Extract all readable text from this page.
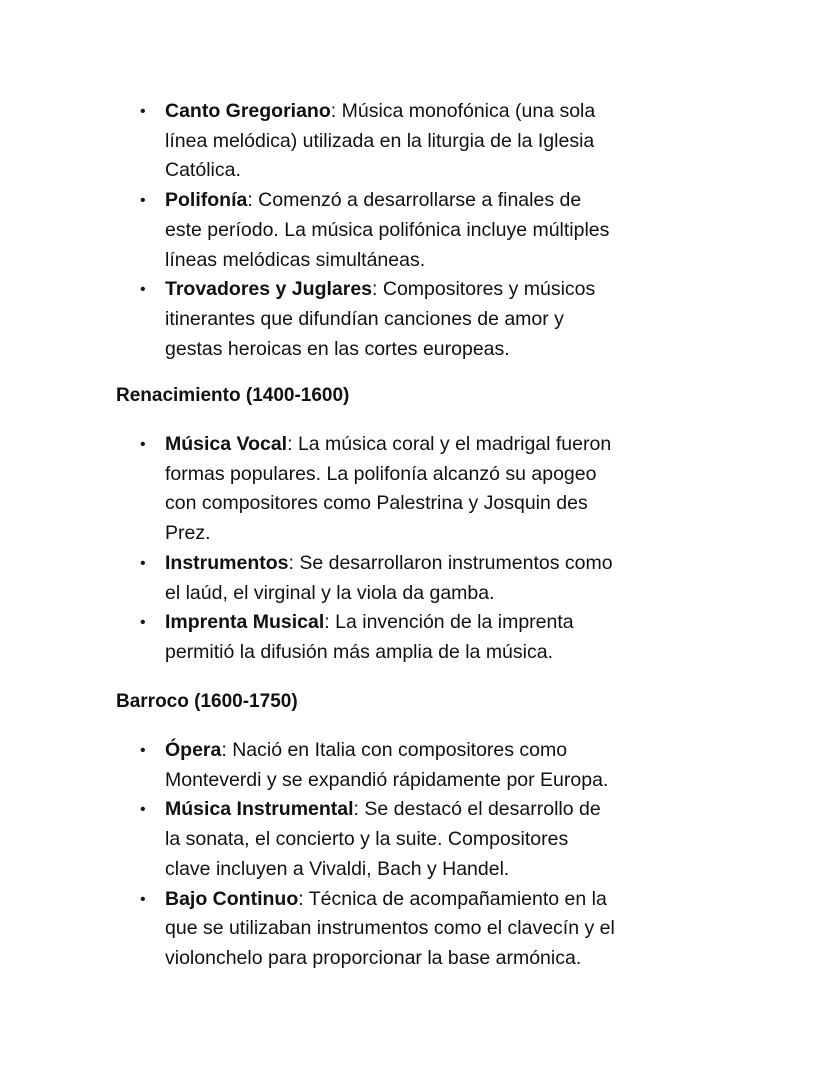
• Canto Gregoriano: Música monofónica (una sola
línea melódica) utilizada en la liturgia de la Iglesia
Católica.
• Polifonía: Comenzó a desarrollarse a finales de
este período. La música polifónica incluye múltiples
líneas melódicas simultáneas.
• Trovadores y Juglares: Compositores y músicos
itinerantes que difundían canciones de amor y
gestas heroicas en las cortes europeas.
Renacimiento (1400-1600)
• Música Vocal: La música coral y el madrigal fueron
formas populares. La polifonía alcanzó su apogeo
con compositores como Palestrina y Josquin des
Prez.
• Instrumentos: Se desarrollaron instrumentos como
el laúd, el virginal y la viola da gamba.
• Imprenta Musical: La invención de la imprenta
permitió la difusión más amplia de la música.
Barroco (1600-1750)
• Ópera: Nació en Italia con compositores como
Monteverdi y se expandió rápidamente por Europa.
• Música Instrumental: Se destacó el desarrollo de
la sonata, el concierto y la suite. Compositores
clave incluyen a Vivaldi, Bach y Handel.
• Bajo Continuo: Técnica de acompañamiento en la
que se utilizaban instrumentos como el clavecín y el
violonchelo para proporcionar la base armónica.
